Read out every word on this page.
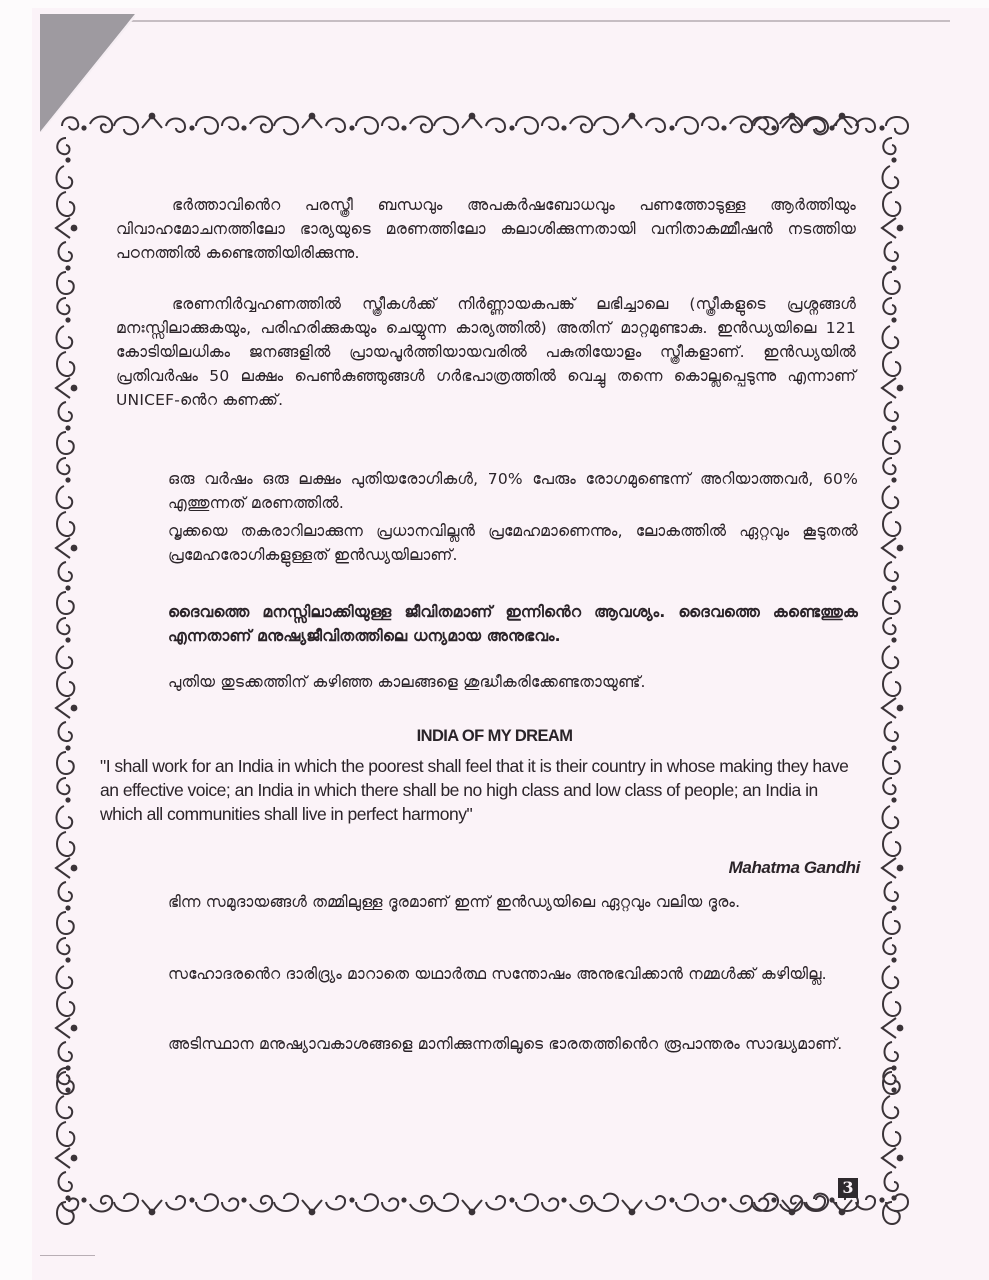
ഭർത്താവിൻെറ പരസ്ത്രീ ബന്ധവും അപകർഷബോധവും പണത്തോടുള്ള ആർത്തിയും വിവാഹമോചനത്തിലോ ഭാര്യയുടെ മരണത്തിലോ കലാശിക്കുന്നതായി വനിതാകമ്മീഷൻ നടത്തിയ പഠനത്തിൽ കണ്ടെത്തിയിരിക്കുന്നു.

ഭരണനിർവ്വഹണത്തിൽ സ്ത്രീകൾക്ക് നിർണ്ണായകപങ്ക് ലഭിച്ചാലെ (സ്ത്രീകളുടെ പ്രശ്നങ്ങൾ മനഃസ്സിലാക്കുകയും, പരിഹരിക്കുകയും ചെയ്യുന്ന കാര്യത്തിൽ) അതിന് മാറ്റമുണ്ടാകു. ഇൻഡ്യയിലെ 121 കോടിയിലധികം ജനങ്ങളിൽ പ്രായപൂർത്തിയായവരിൽ പകുതിയോളം സ്ത്രീകളാണ്. ഇൻഡ്യയിൽ പ്രതിവർഷം 50 ലക്ഷം പെൺകുഞ്ഞുങ്ങൾ ഗർഭപാത്രത്തിൽ വെച്ചു തന്നെ കൊല്ലപ്പെടുന്നു എന്നാണ് UNICEF-ൻെറ കണക്ക്.

ഒരു വർഷം ഒരു ലക്ഷം പുതിയരോഗികൾ, 70% പേരും രോഗമുണ്ടെന്ന് അറിയാത്തവർ, 60% എത്തുന്നത് മരണത്തിൽ.

വൃക്കയെ തകരാറിലാക്കുന്ന പ്രധാനവില്ലൻ പ്രമേഹമാണെന്നും, ലോകത്തിൽ ഏറ്റവും കൂടുതൽ പ്രമേഹരോഗികളുള്ളത് ഇൻഡ്യയിലാണ്.

ദൈവത്തെ മനസ്സിലാക്കിയുള്ള ജീവിതമാണ് ഇന്നിൻെറ ആവശ്യം. ദൈവത്തെ കണ്ടെത്തുക എന്നതാണ് മനുഷ്യജീവിതത്തിലെ ധന്യമായ അനുഭവം.

പുതിയ തുടക്കത്തിന് കഴിഞ്ഞ കാലങ്ങളെ ശുദ്ധീകരിക്കേണ്ടതായുണ്ട്.

INDIA OF MY DREAM

"I shall work for an India in which the poorest shall feel that it is their country in whose making they have an effective voice; an India in which there shall be no high class and low class of people; an India in which all communities shall live in perfect harmony"

Mahatma Gandhi

ഭിന്ന സമുദായങ്ങൾ തമ്മിലുള്ള ദൂരമാണ് ഇന്ന് ഇൻഡ്യയിലെ ഏറ്റവും വലിയ ദൂരം.

സഹോദരൻെറ ദാരിദ്ര്യം മാറാതെ യഥാർത്ഥ സന്തോഷം അനുഭവിക്കാൻ നമ്മൾക്ക് കഴിയില്ല.

അടിസ്ഥാന മനുഷ്യാവകാശങ്ങളെ മാനിക്കുന്നതിലൂടെ ഭാരതത്തിൻെറ രൂപാന്തരം സാദ്ധ്യമാണ്.

3
